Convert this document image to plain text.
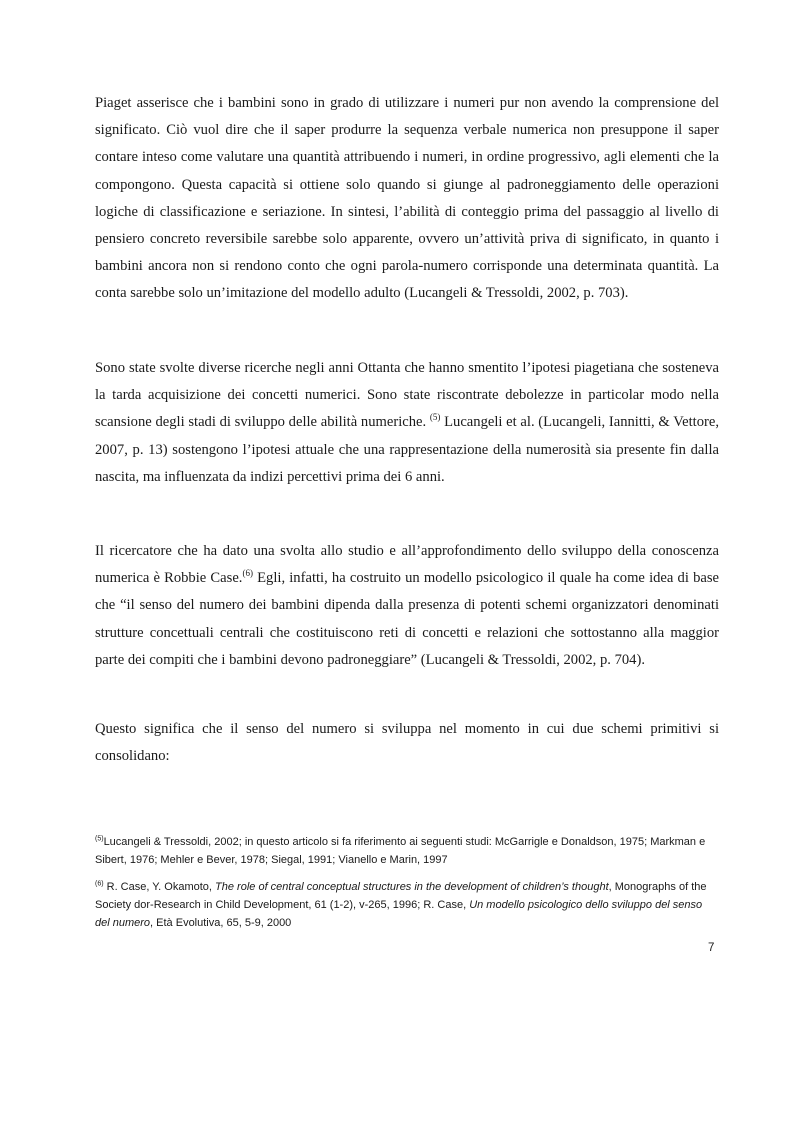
Piaget asserisce che i bambini sono in grado di utilizzare i numeri pur non avendo la comprensione del significato. Ciò vuol dire che il saper produrre la sequenza verbale numerica non presuppone il saper contare inteso come valutare una quantità attribuendo i numeri, in ordine progressivo, agli elementi che la compongono. Questa capacità si ottiene solo quando si giunge al padroneggiamento delle operazioni logiche di classificazione e seriazione. In sintesi, l’abilità di conteggio prima del passaggio al livello di pensiero concreto reversibile sarebbe solo apparente, ovvero un’attività priva di significato, in quanto i bambini ancora non si rendono conto che ogni parola-numero corrisponde una determinata quantità. La conta sarebbe solo un’imitazione del modello adulto (Lucangeli & Tressoldi, 2002, p. 703).

Sono state svolte diverse ricerche negli anni Ottanta che hanno smentito l’ipotesi piagetiana che sosteneva la tarda acquisizione dei concetti numerici. Sono state riscontrate debolezze in particolar modo nella scansione degli stadi di sviluppo delle abilità numeriche. $^{(5)}$ Lucangeli et al. (Lucangeli, Iannitti, & Vettore, 2007, p. 13) sostengono l’ipotesi attuale che una rappresentazione della numerosità sia presente fin dalla nascita, ma influenzata da indizi percettivi prima dei 6 anni.

Il ricercatore che ha dato una svolta allo studio e all’approfondimento dello sviluppo della conoscenza numerica è Robbie Case.$^{(6)}$ Egli, infatti, ha costruito un modello psicologico il quale ha come idea di base che “il senso del numero dei bambini dipenda dalla presenza di potenti schemi organizzatori denominati strutture concettuali centrali che costituiscono reti di concetti e relazioni che sottostanno alla maggior parte dei compiti che i bambini devono padroneggiare” (Lucangeli & Tressoldi, 2002, p. 704).

Questo significa che il senso del numero si sviluppa nel momento in cui due schemi primitivi si consolidano:

$^{(5)}$Lucangeli & Tressoldi, 2002; in questo articolo si fa riferimento ai seguenti studi: McGarrigle e Donaldson, 1975; Markman e Sibert, 1976; Mehler e Bever, 1978; Siegal, 1991; Vianello e Marin, 1997

$^{(6)}$ R. Case, Y. Okamoto, The role of central conceptual structures in the development of children’s thought, Monographs of the Society dor-Research in Child Development, 61 (1-2), v-265, 1996; R. Case, Un modello psicologico dello sviluppo del senso del numero, Età Evolutiva, 65, 5-9, 2000

7
